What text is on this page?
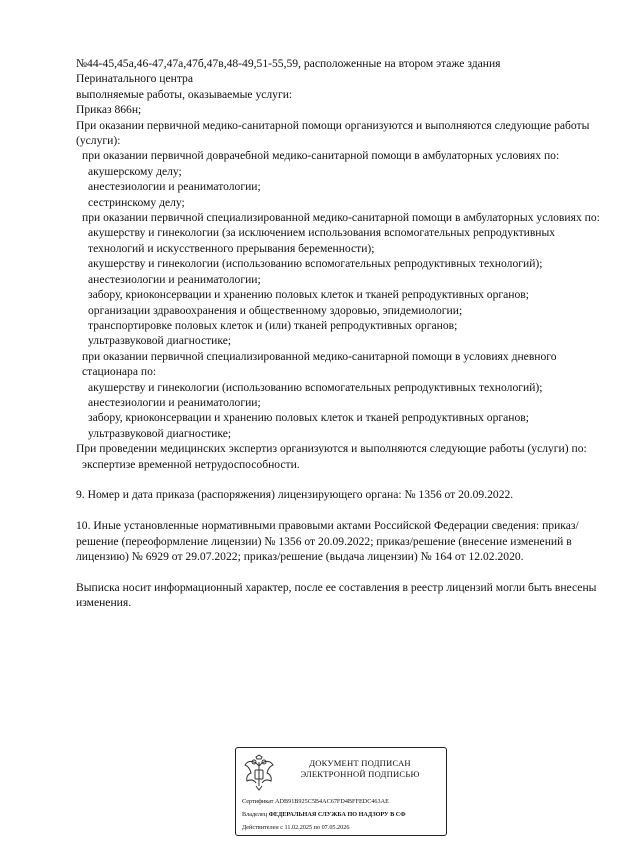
№44-45,45а,46-47,47а,47б,47в,48-49,51-55,59, расположенные на втором этаже здания
Перинатального центра
выполняемые работы, оказываемые услуги:
Приказ 866н;
При оказании первичной медико-санитарной помощи организуются и выполняются следующие работы (услуги):
при оказании первичной доврачебной медико-санитарной помощи в амбулаторных условиях по:
акушерскому делу;
анестезиологии и реаниматологии;
сестринскому делу;
при оказании первичной специализированной медико-санитарной помощи в амбулаторных условиях по:
акушерству и гинекологии (за исключением использования вспомогательных репродуктивных технологий и искусственного прерывания беременности);
акушерству и гинекологии (использованию вспомогательных репродуктивных технологий);
анестезиологии и реаниматологии;
забору, криоконсервации и хранению половых клеток и тканей репродуктивных органов;
организации здравоохранения и общественному здоровью, эпидемиологии;
транспортировке половых клеток и (или) тканей репродуктивных органов;
ультразвуковой диагностике;
при оказании первичной специализированной медико-санитарной помощи в условиях дневного стационара по:
акушерству и гинекологии (использованию вспомогательных репродуктивных технологий);
анестезиологии и реаниматологии;
забору, криоконсервации и хранению половых клеток и тканей репродуктивных органов;
ультразвуковой диагностике;
При проведении медицинских экспертиз организуются и выполняются следующие работы (услуги) по:
экспертизе временной нетрудоспособности.
9. Номер и дата приказа (распоряжения) лицензирующего органа: № 1356 от 20.09.2022.
10. Иные установленные нормативными правовыми актами Российской Федерации сведения: приказ/решение (переоформление лицензии) № 1356 от 20.09.2022; приказ/решение (внесение изменений в лицензию) № 6929 от 29.07.2022; приказ/решение (выдача лицензии) № 164 от 12.02.2020.
Выписка носит информационный характер, после ее составления в реестр лицензий могли быть внесены изменения.
ДОКУМЕНТ ПОДПИСАН
ЭЛЕКТРОННОЙ ПОДПИСЬЮ
Сертификат ADB91B925C5B4AC67FD4BFFEDC463AE
Владелец ФЕДЕРАЛЬНАЯ СЛУЖБА ПО НАДЗОРУ В СФ
Действителен с 11.02.2025 по 07.05.2026
